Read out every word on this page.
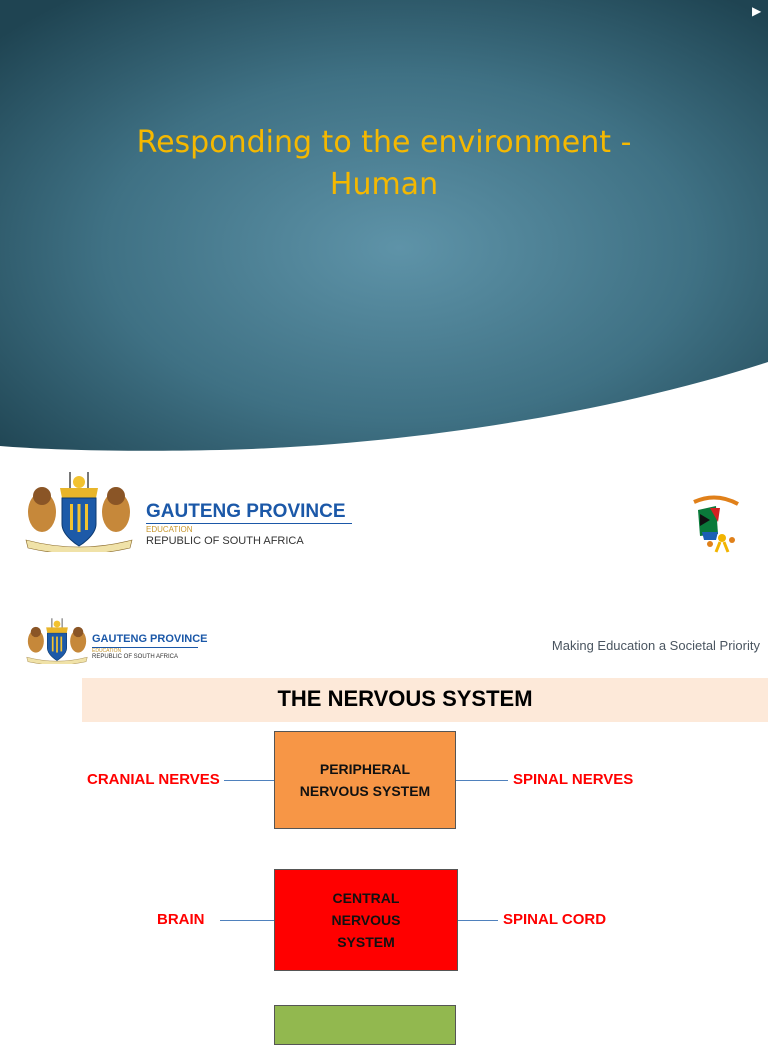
▶
Responding to the environment - Human
GAUTENG PROVINCE
EDUCATION
REPUBLIC OF SOUTH AFRICA
GAUTENG PROVINCE
EDUCATION
REPUBLIC OF SOUTH AFRICA
Making Education a Societal Priority
THE NERVOUS SYSTEM
CRANIAL NERVES
PERIPHERAL NERVOUS SYSTEM
SPINAL NERVES
BRAIN
CENTRAL NERVOUS SYSTEM
SPINAL CORD
